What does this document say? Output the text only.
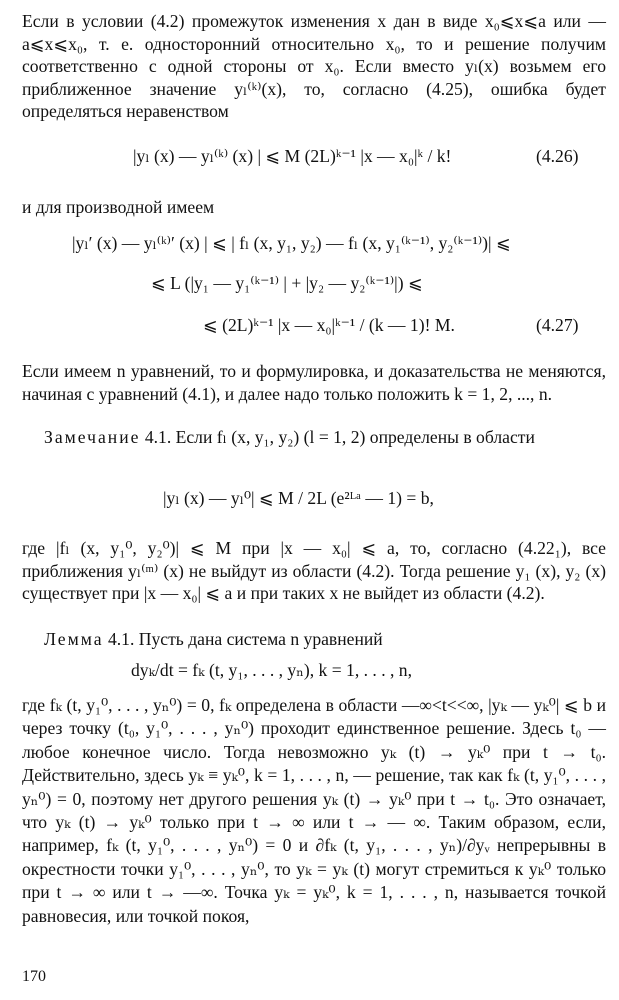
Если в условии (4.2) промежуток изменения x дан в виде x₀⩽x⩽a или —a⩽x⩽x₀, т. е. односторонний относительно x₀, то и решение получим соответственно с одной стороны от x₀. Если вместо yₗ(x) возьмем его приближенное значение yₗ⁽ᵏ⁾(x), то, согласно (4.25), ошибка будет определяться неравенством

|yₗ (x) — yₗ⁽ᵏ⁾ (x) | ⩽ M (2L)ᵏ⁻¹ |x — x₀|ᵏ / k!	(4.26)

и для производной имеем

|yₗ′ (x) — yₗ⁽ᵏ⁾′ (x) | ⩽ | fₗ (x, y₁, y₂) — fₗ (x, y₁⁽ᵏ⁻¹⁾, y₂⁽ᵏ⁻¹⁾)| ⩽
⩽ L (|y₁ — y₁⁽ᵏ⁻¹⁾ | + |y₂ — y₂⁽ᵏ⁻¹⁾|) ⩽
⩽ (2L)ᵏ⁻¹ |x — x₀|ᵏ⁻¹ / (k — 1)! M.	(4.27)

Если имеем n уравнений, то и формулировка, и доказательства не меняются, начиная с уравнений (4.1), и далее надо только положить k = 1, 2, ..., n.

Замечание 4.1. Если fₗ (x, y₁, y₂) (l = 1, 2) определены в области

|yₗ (x) — yₗ⁰| ⩽ M / 2L (e²ᴸᵃ — 1) = b,

где |fₗ (x, y₁⁰, y₂⁰)| ⩽ M при |x — x₀| ⩽ a, то, согласно (4.22₁), все приближения yₗ⁽ᵐ⁾ (x) не выйдут из области (4.2). Тогда решение y₁ (x), y₂ (x) существует при |x — x₀| ⩽ a и при таких x не выйдет из области (4.2).

Лемма 4.1. Пусть дана система n уравнений

dyₖ/dt = fₖ (t, y₁, . . . , yₙ), k = 1, . . . , n,

где fₖ (t, y₁⁰, . . . , yₙ⁰) = 0, fₖ определена в области —∞<t<<∞, |yₖ — yₖ⁰| ⩽ b и через точку (t₀, y₁⁰, . . . , yₙ⁰) проходит единственное решение. Здесь t₀ — любое конечное число. Тогда невозможно yₖ (t) → yₖ⁰ при t → t₀. Действительно, здесь yₖ ≡ yₖ⁰, k = 1, . . . , n, — решение, так как fₖ (t, y₁⁰, . . . , yₙ⁰) = 0, поэтому нет другого решения yₖ (t) → yₖ⁰ при t → t₀. Это означает, что yₖ (t) → yₖ⁰ только при t → ∞ или t → — ∞. Таким образом, если, например, fₖ (t, y₁⁰, . . . , yₙ⁰) = 0 и ∂fₖ (t, y₁, . . . , yₙ)/∂yᵥ непрерывны в окрестности точки y₁⁰, . . . , yₙ⁰, то yₖ = yₖ (t) могут стремиться к yₖ⁰ только при t → ∞ или t → —∞. Точка yₖ = yₖ⁰, k = 1, . . . , n, называется точкой равновесия, или точкой покоя,

170
